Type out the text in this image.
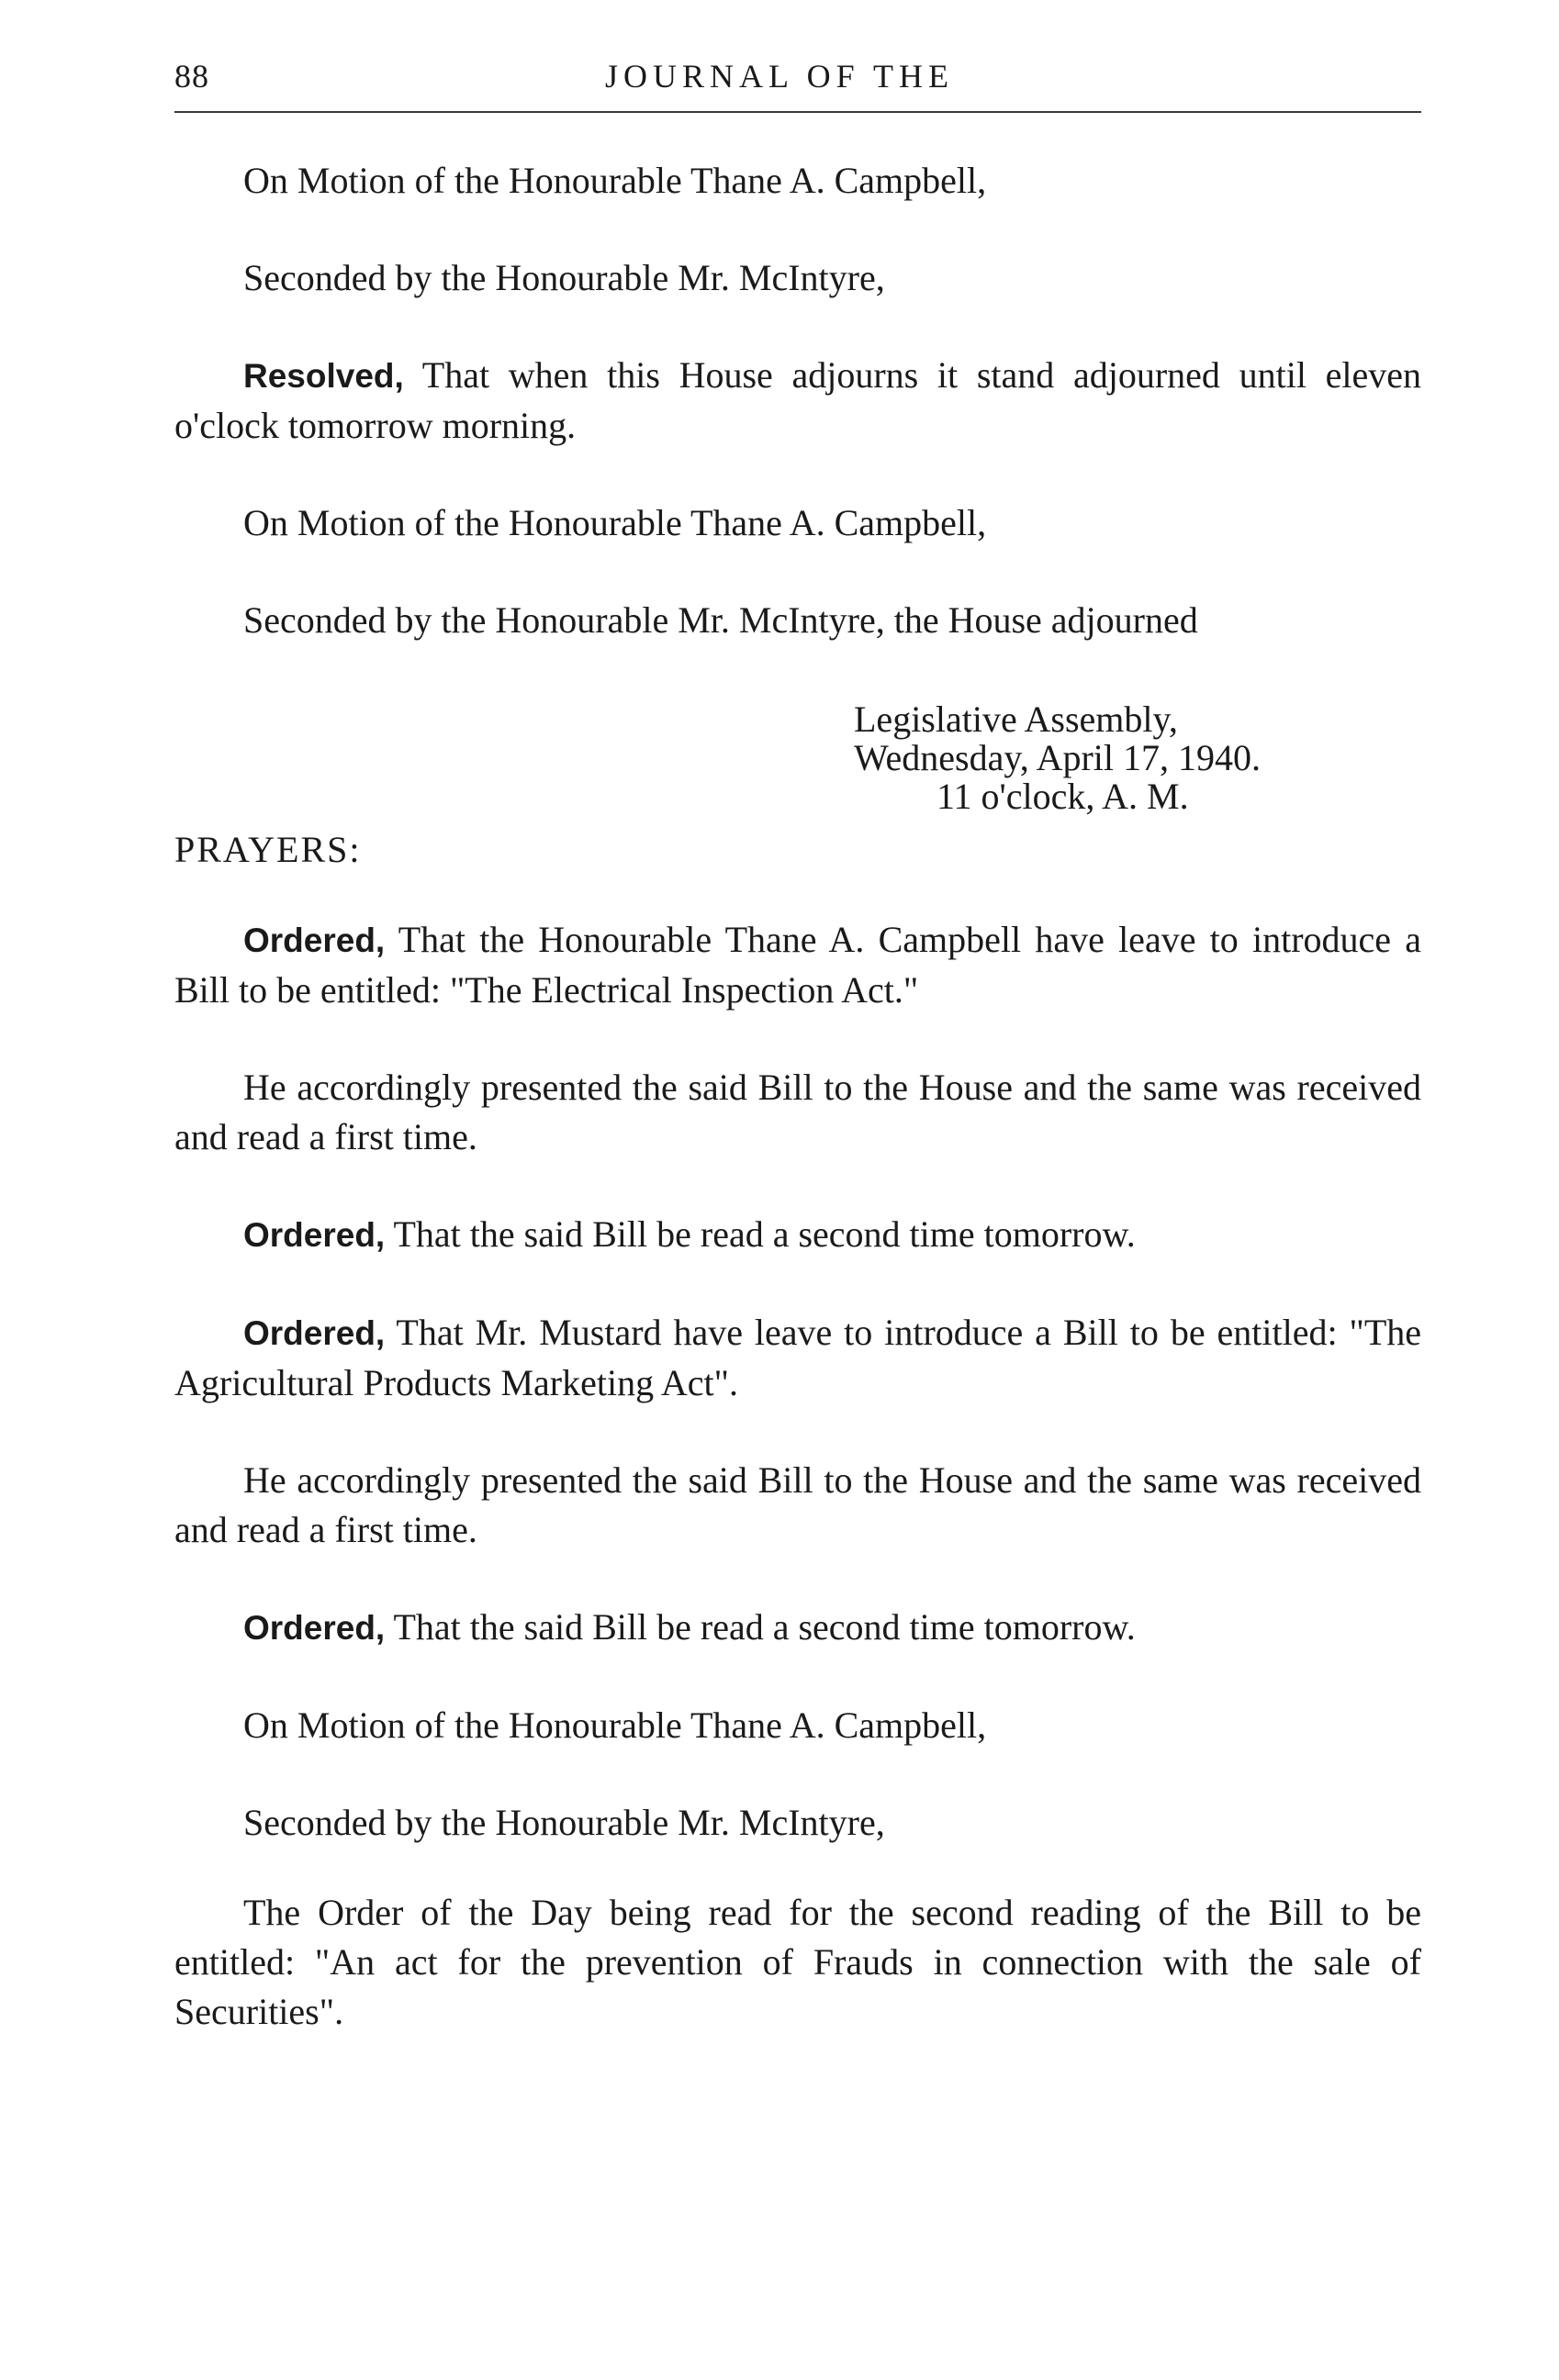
88	JOURNAL OF THE

On Motion of the Honourable Thane A. Campbell,

Seconded by the Honourable Mr. McIntyre,

Resolved, That when this House adjourns it stand adjourned until eleven o'clock tomorrow morning.

On Motion of the Honourable Thane A. Campbell,

Seconded by the Honourable Mr. McIntyre, the House adjourned

Legislative Assembly,
Wednesday, April 17, 1940.
11 o'clock, A. M.
PRAYERS:

Ordered, That the Honourable Thane A. Campbell have leave to introduce a Bill to be entitled: "The Electrical Inspection Act."

He accordingly presented the said Bill to the House and the same was received and read a first time.

Ordered, That the said Bill be read a second time tomorrow.

Ordered, That Mr. Mustard have leave to introduce a Bill to be entitled: "The Agricultural Products Marketing Act".

He accordingly presented the said Bill to the House and the same was received and read a first time.

Ordered, That the said Bill be read a second time tomorrow.

On Motion of the Honourable Thane A. Campbell,

Seconded by the Honourable Mr. McIntyre,

The Order of the Day being read for the second reading of the Bill to be entitled: "An act for the prevention of Frauds in connection with the sale of Securities".
